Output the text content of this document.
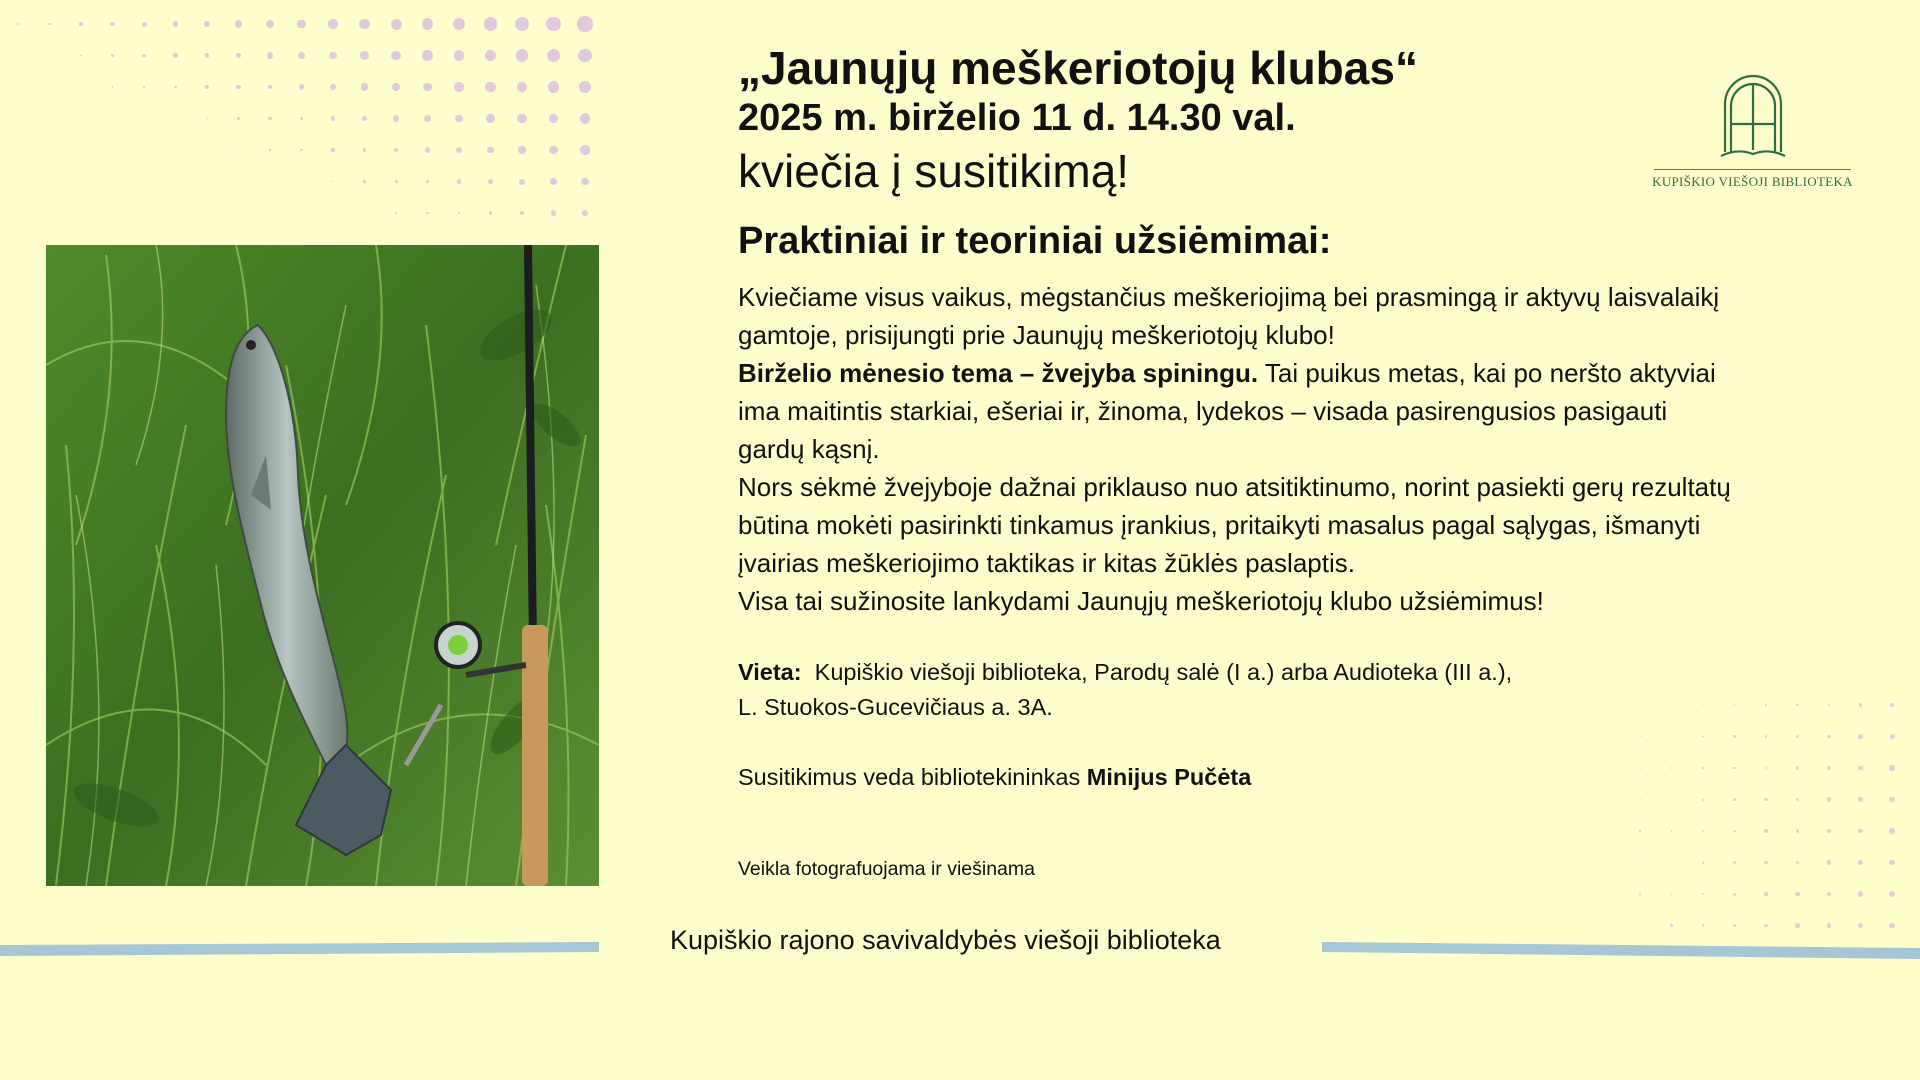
„Jaunųjų meškeriotojų klubas“

2025 m. birželio 11 d. 14.30 val.

kviečia į susitikimą!

Praktiniai ir teoriniai užsiėmimai:

Kviečiame visus vaikus, mėgstančius meškeriojimą bei prasmingą ir aktyvų laisvalaikį gamtoje, prisijungti prie Jaunųjų meškeriotojų klubo!

Birželio mėnesio tema – žvejyba spiningu. Tai puikus metas, kai po neršto aktyviai ima maitintis starkiai, ešeriai ir, žinoma, lydekos – visada pasirengusios pasigauti gardų kąsnį.

Nors sėkmė žvejyboje dažnai priklauso nuo atsitiktinumo, norint pasiekti gerų rezultatų būtina mokėti pasirinkti tinkamus įrankius, pritaikyti masalus pagal sąlygas, išmanyti įvairias meškeriojimo taktikas ir kitas žūklės paslaptis.

Visa tai sužinosite lankydami Jaunųjų meškeriotojų klubo užsiėmimus!

Vieta: Kupiškio viešoji biblioteka, Parodų salė (I a.) arba Audioteka (III a.),
L. Stuokos-Gucevičiaus a. 3A.
Susitikimus veda bibliotekininkas Minijus Pučėta
Veikla fotografuojama ir viešinama
Kupiškio rajono savivaldybės viešoji biblioteka
KUPIŠKIO VIEŠOJI BIBLIOTEKA
